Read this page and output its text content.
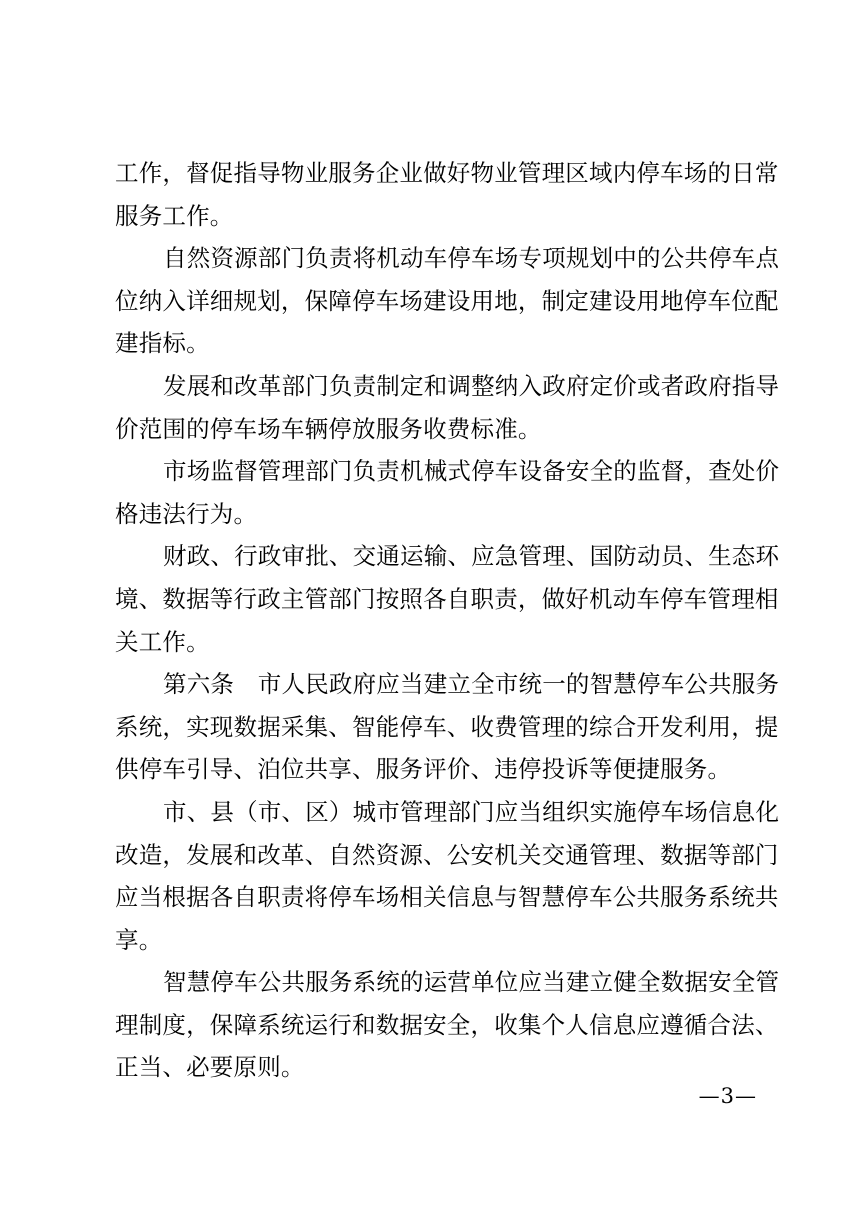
工作，督促指导物业服务企业做好物业管理区域内停车场的日常
服务工作。
自然资源部门负责将机动车停车场专项规划中的公共停车点
位纳入详细规划，保障停车场建设用地，制定建设用地停车位配
建指标。
发展和改革部门负责制定和调整纳入政府定价或者政府指导
价范围的停车场车辆停放服务收费标准。
市场监督管理部门负责机械式停车设备安全的监督，查处价
格违法行为。
财政、行政审批、交通运输、应急管理、国防动员、生态环
境、数据等行政主管部门按照各自职责，做好机动车停车管理相
关工作。
第六条　市人民政府应当建立全市统一的智慧停车公共服务
系统，实现数据采集、智能停车、收费管理的综合开发利用，提
供停车引导、泊位共享、服务评价、违停投诉等便捷服务。
市、县（市、区）城市管理部门应当组织实施停车场信息化
改造，发展和改革、自然资源、公安机关交通管理、数据等部门
应当根据各自职责将停车场相关信息与智慧停车公共服务系统共
享。
智慧停车公共服务系统的运营单位应当建立健全数据安全管
理制度，保障系统运行和数据安全，收集个人信息应遵循合法、
正当、必要原则。
—3—
